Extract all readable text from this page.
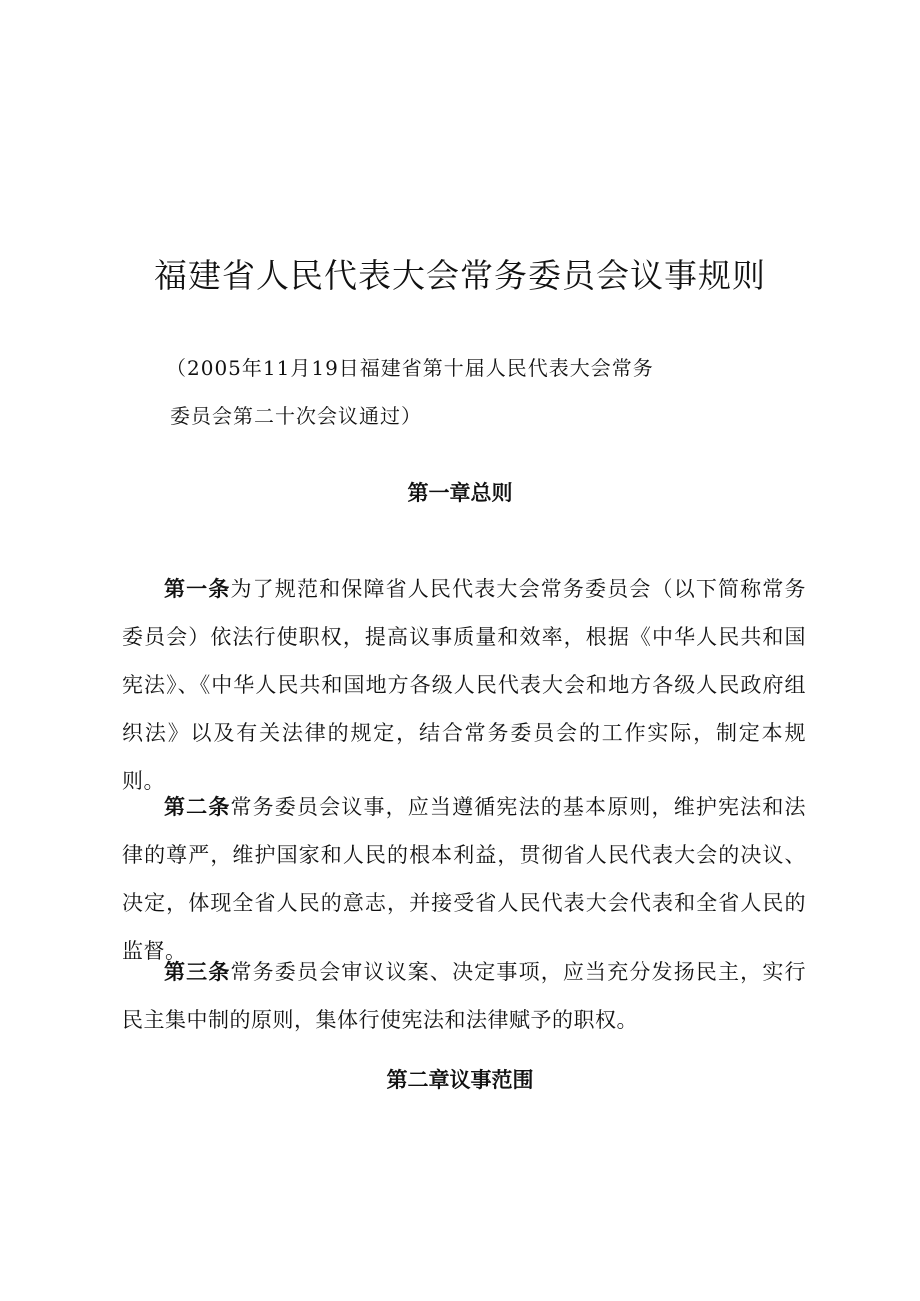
福建省人民代表大会常务委员会议事规则
（2005年11月19日福建省第十届人民代表大会常务
委员会第二十次会议通过）
第一章总则

第一条为了规范和保障省人民代表大会常务委员会（以下简称常务委员会）依法行使职权，提高议事质量和效率，根据《中华人民共和国宪法》、《中华人民共和国地方各级人民代表大会和地方各级人民政府组织法》以及有关法律的规定，结合常务委员会的工作实际，制定本规则。

第二条常务委员会议事，应当遵循宪法的基本原则，维护宪法和法律的尊严，维护国家和人民的根本利益，贯彻省人民代表大会的决议、决定，体现全省人民的意志，并接受省人民代表大会代表和全省人民的监督。

第三条常务委员会审议议案、决定事项，应当充分发扬民主，实行民主集中制的原则，集体行使宪法和法律赋予的职权。

第二章议事范围
